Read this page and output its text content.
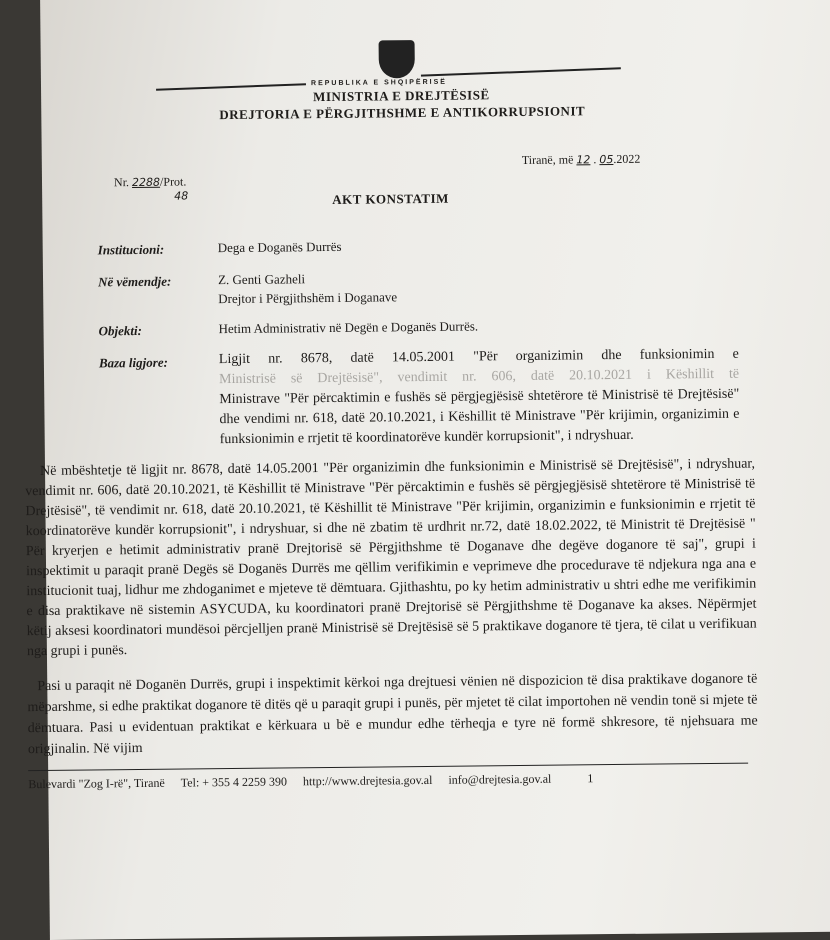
REPUBLIKA E SHQIPËRISË
MINISTRIA E DREJTËSISË
DREJTORIA E PËRGJITHSHME E ANTIKORRUPSIONIT
Tiranë, më 12 . 05.2022
Nr. 2288/Prot.
48	AKT KONSTATIM
Institucioni:	Dega e Doganës Durrës
Në vëmendje:	Z. Genti Gazheli
Drejtor i Përgjithshëm i Doganave
Objekti:	Hetim Administrativ në Degën e Doganës Durrës.
Baza ligjore:	Ligjit nr. 8678, datë 14.05.2001 "Për organizimin dhe funksionimin e
Ministrisë së Drejtësisë", vendimit nr. 606, datë 20.10.2021 i Këshillit të
Ministrave "Për përcaktimin e fushës së përgjegjësisë shtetërore të Ministrisë të Drejtësisë" dhe vendimi nr. 618, datë 20.10.2021, i Këshillit të Ministrave "Për krijimin, organizimin e funksionimin e rrjetit të koordinatorëve kundër korrupsionit", i ndryshuar.
Në mbështetje të ligjit nr. 8678, datë 14.05.2001 "Për organizimin dhe funksionimin e Ministrisë së Drejtësisë", i ndryshuar, vendimit nr. 606, datë 20.10.2021, të Këshillit të Ministrave "Për përcaktimin e fushës së përgjegjësisë shtetërore të Ministrisë të Drejtësisë", të vendimit nr. 618, datë 20.10.2021, të Këshillit të Ministrave "Për krijimin, organizimin e funksionimin e rrjetit të koordinatorëve kundër korrupsionit", i ndryshuar, si dhe në zbatim të urdhrit nr.72, datë 18.02.2022, të Ministrit të Drejtësisë " Për kryerjen e hetimit administrativ pranë Drejtorisë së Përgjithshme të Doganave dhe degëve doganore të saj", grupi i inspektimit u paraqit pranë Degës së Doganës Durrës me qëllim verifikimin e veprimeve dhe procedurave të ndjekura nga ana e institucionit tuaj, lidhur me zhdoganimet e mjeteve të dëmtuara. Gjithashtu, po ky hetim administrativ u shtri edhe me verifikimin e disa praktikave në sistemin ASYCUDA, ku koordinatori pranë Drejtorisë së Përgjithshme të Doganave ka akses. Nëpërmjet këtij aksesi koordinatori mundësoi përcjelljen pranë Ministrisë së Drejtësisë së 5 praktikave doganore të tjera, të cilat u verifikuan nga grupi i punës.
Pasi u paraqit në Doganën Durrës, grupi i inspektimit kërkoi nga drejtuesi vënien në dispozicion të disa praktikave doganore të mëparshme, si edhe praktikat doganore të ditës që u paraqit grupi i punës, për mjetet të cilat importohen në vendin tonë si mjete të dëmtuara. Pasi u evidentuan praktikat e kërkuara u bë e mundur edhe tërheqja e tyre në formë shkresore, të njehsuara me origjinalin. Në vijim
Bulevardi "Zog I-rë", Tiranë Tel: + 355 4 2259 390 http://www.drejtesia.gov.al info@drejtesia.gov.al	1
